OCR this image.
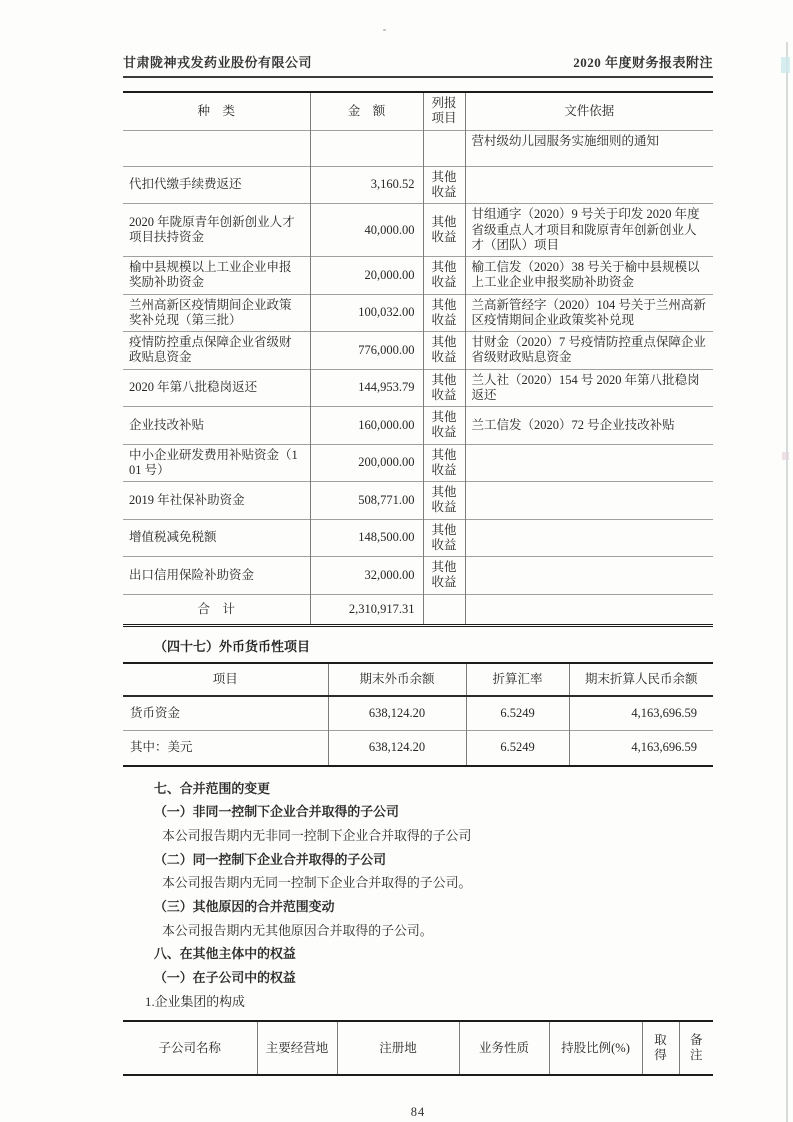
甘肃陇神戎发药业股份有限公司	2020 年度财务报表附注
种　类	金　额	列报项目	文件依据
			营村级幼儿园服务实施细则的通知
代扣代缴手续费返还	3,160.52	其他收益	
2020 年陇原青年创新创业人才项目扶持资金	40,000.00	其他收益	甘组通字（2020）9 号关于印发 2020 年度省级重点人才项目和陇原青年创新创业人才（团队）项目
榆中县规模以上工业企业申报奖励补助资金	20,000.00	其他收益	榆工信发（2020）38 号关于榆中县规模以上工业企业申报奖励补助资金
兰州高新区疫情期间企业政策奖补兑现（第三批）	100,032.00	其他收益	兰高新管经字（2020）104 号关于兰州高新区疫情期间企业政策奖补兑现
疫情防控重点保障企业省级财政贴息资金	776,000.00	其他收益	甘财金（2020）7 号疫情防控重点保障企业省级财政贴息资金
2020 年第八批稳岗返还	144,953.79	其他收益	兰人社（2020）154 号 2020 年第八批稳岗返还
企业技改补贴	160,000.00	其他收益	兰工信发（2020）72 号企业技改补贴
中小企业研发费用补贴资金（101 号）	200,000.00	其他收益	
2019 年社保补助资金	508,771.00	其他收益	
增值税减免税额	148,500.00	其他收益	
出口信用保险补助资金	32,000.00	其他收益	
合　计	2,310,917.31		

（四十七）外币货币性项目

项目	期末外币余额	折算汇率	期末折算人民币余额
货币资金	638,124.20	6.5249	4,163,696.59
其中：美元	638,124.20	6.5249	4,163,696.59

七、合并范围的变更

（一）非同一控制下企业合并取得的子公司

本公司报告期内无非同一控制下企业合并取得的子公司

（二）同一控制下企业合并取得的子公司

本公司报告期内无同一控制下企业合并取得的子公司。

（三）其他原因的合并范围变动

本公司报告期内无其他原因合并取得的子公司。

八、在其他主体中的权益

（一）在子公司中的权益

1.企业集团的构成

子公司名称	主要经营地	注册地	业务性质	持股比例(%)	取得	备注
84
